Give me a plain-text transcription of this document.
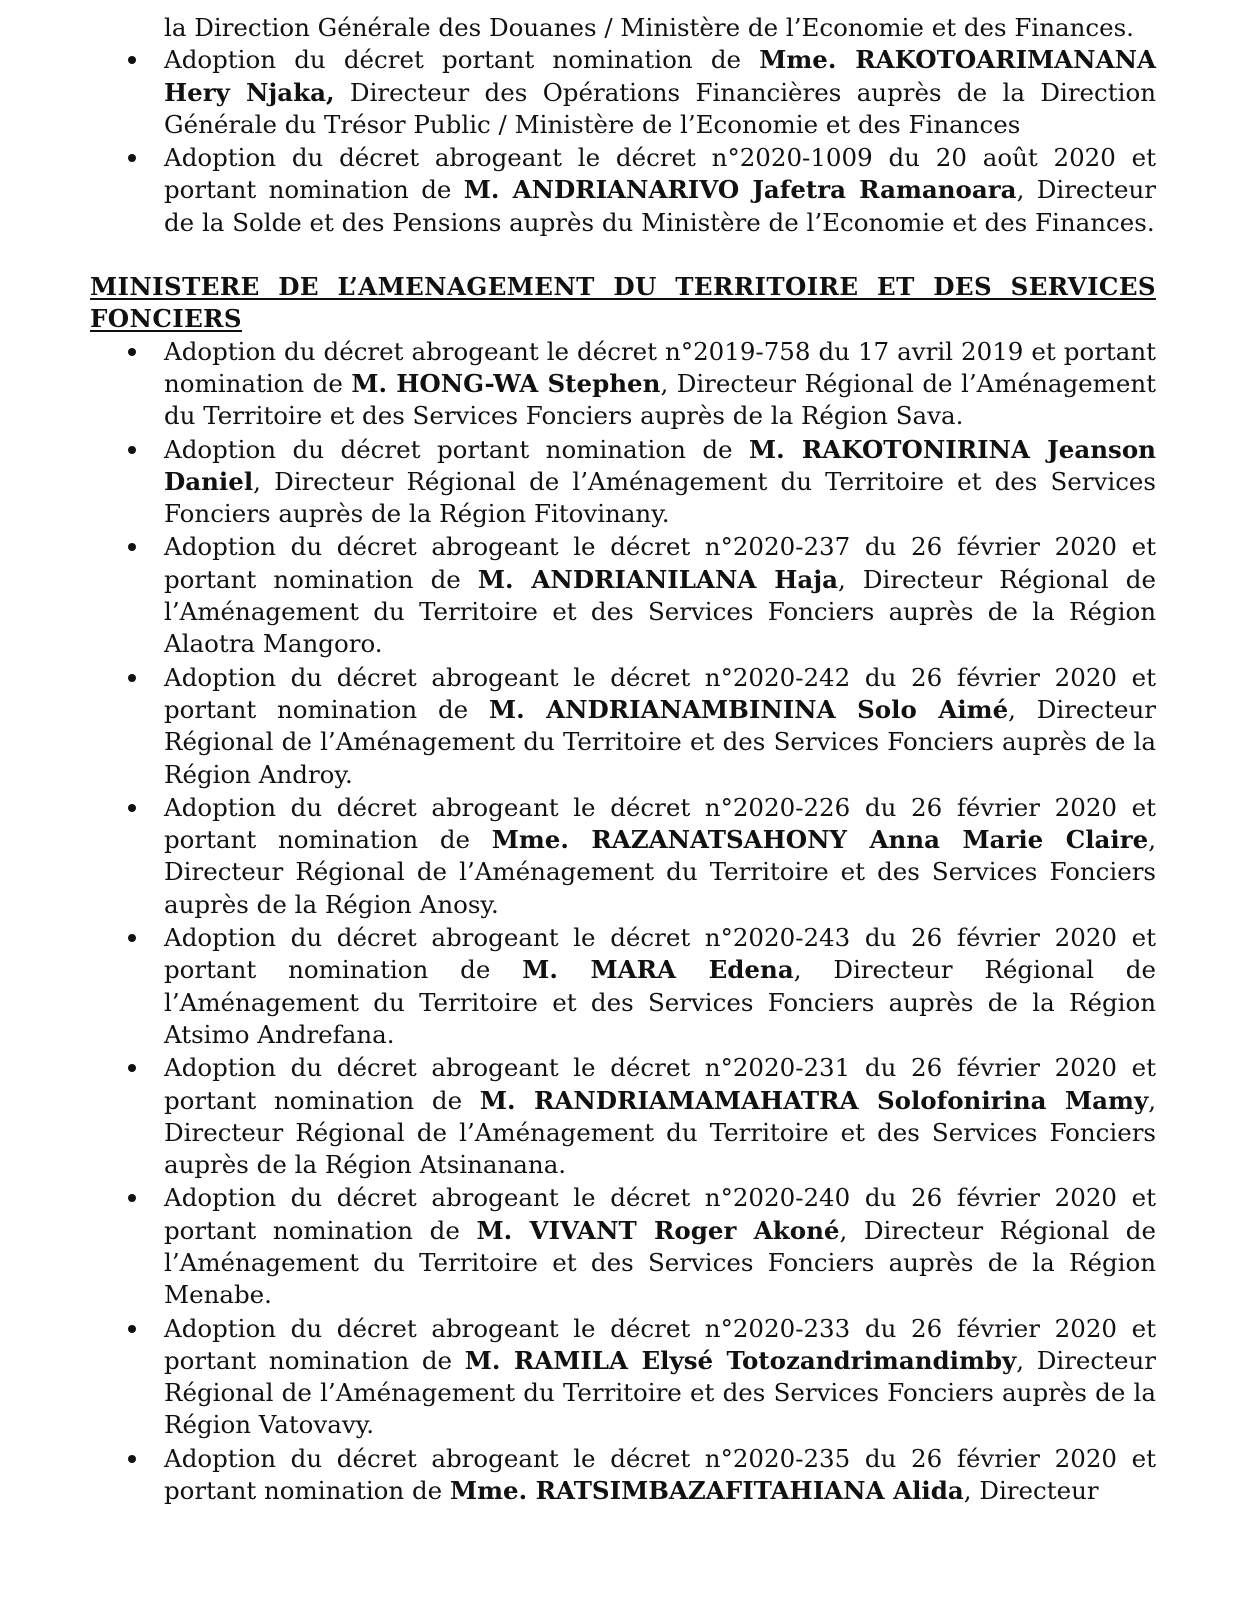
la Direction Générale des Douanes / Ministère de l’Economie et des Finances.
Adoption du décret portant nomination de Mme. RAKOTOARIMANANA Hery Njaka, Directeur des Opérations Financières auprès de la Direction Générale du Trésor Public / Ministère de l’Economie et des Finances
Adoption du décret abrogeant le décret n°2020-1009 du 20 août 2020 et portant nomination de M. ANDRIANARIVO Jafetra Ramanoara, Directeur de la Solde et des Pensions auprès du Ministère de l’Economie et des Finances.
MINISTERE DE L’AMENAGEMENT DU TERRITOIRE ET DES SERVICES FONCIERS
Adoption du décret abrogeant le décret n°2019-758 du 17 avril 2019 et portant nomination de M. HONG-WA Stephen, Directeur Régional de l’Aménagement du Territoire et des Services Fonciers auprès de la Région Sava.
Adoption du décret portant nomination de M. RAKOTONIRINA Jeanson Daniel, Directeur Régional de l’Aménagement du Territoire et des Services Fonciers auprès de la Région Fitovinany.
Adoption du décret abrogeant le décret n°2020-237 du 26 février 2020 et portant nomination de M. ANDRIANILANA Haja, Directeur Régional de l’Aménagement du Territoire et des Services Fonciers auprès de la Région Alaotra Mangoro.
Adoption du décret abrogeant le décret n°2020-242 du 26 février 2020 et portant nomination de M. ANDRIANAMBININA Solo Aimé, Directeur Régional de l’Aménagement du Territoire et des Services Fonciers auprès de la Région Androy.
Adoption du décret abrogeant le décret n°2020-226 du 26 février 2020 et portant nomination de Mme. RAZANATSAHONY Anna Marie Claire, Directeur Régional de l’Aménagement du Territoire et des Services Fonciers auprès de la Région Anosy.
Adoption du décret abrogeant le décret n°2020-243 du 26 février 2020 et portant nomination de M. MARA Edena, Directeur Régional de l’Aménagement du Territoire et des Services Fonciers auprès de la Région Atsimo Andrefana.
Adoption du décret abrogeant le décret n°2020-231 du 26 février 2020 et portant nomination de M. RANDRIAMAMAHATRA Solofonirina Mamy, Directeur Régional de l’Aménagement du Territoire et des Services Fonciers auprès de la Région Atsinanana.
Adoption du décret abrogeant le décret n°2020-240 du 26 février 2020 et portant nomination de M. VIVANT Roger Akoné, Directeur Régional de l’Aménagement du Territoire et des Services Fonciers auprès de la Région Menabe.
Adoption du décret abrogeant le décret n°2020-233 du 26 février 2020 et portant nomination de M. RAMILA Elysé Totozandrimandimby, Directeur Régional de l’Aménagement du Territoire et des Services Fonciers auprès de la Région Vatovavy.
Adoption du décret abrogeant le décret n°2020-235 du 26 février 2020 et portant nomination de Mme. RATSIMBAZAFITAHIANA Alida, Directeur
